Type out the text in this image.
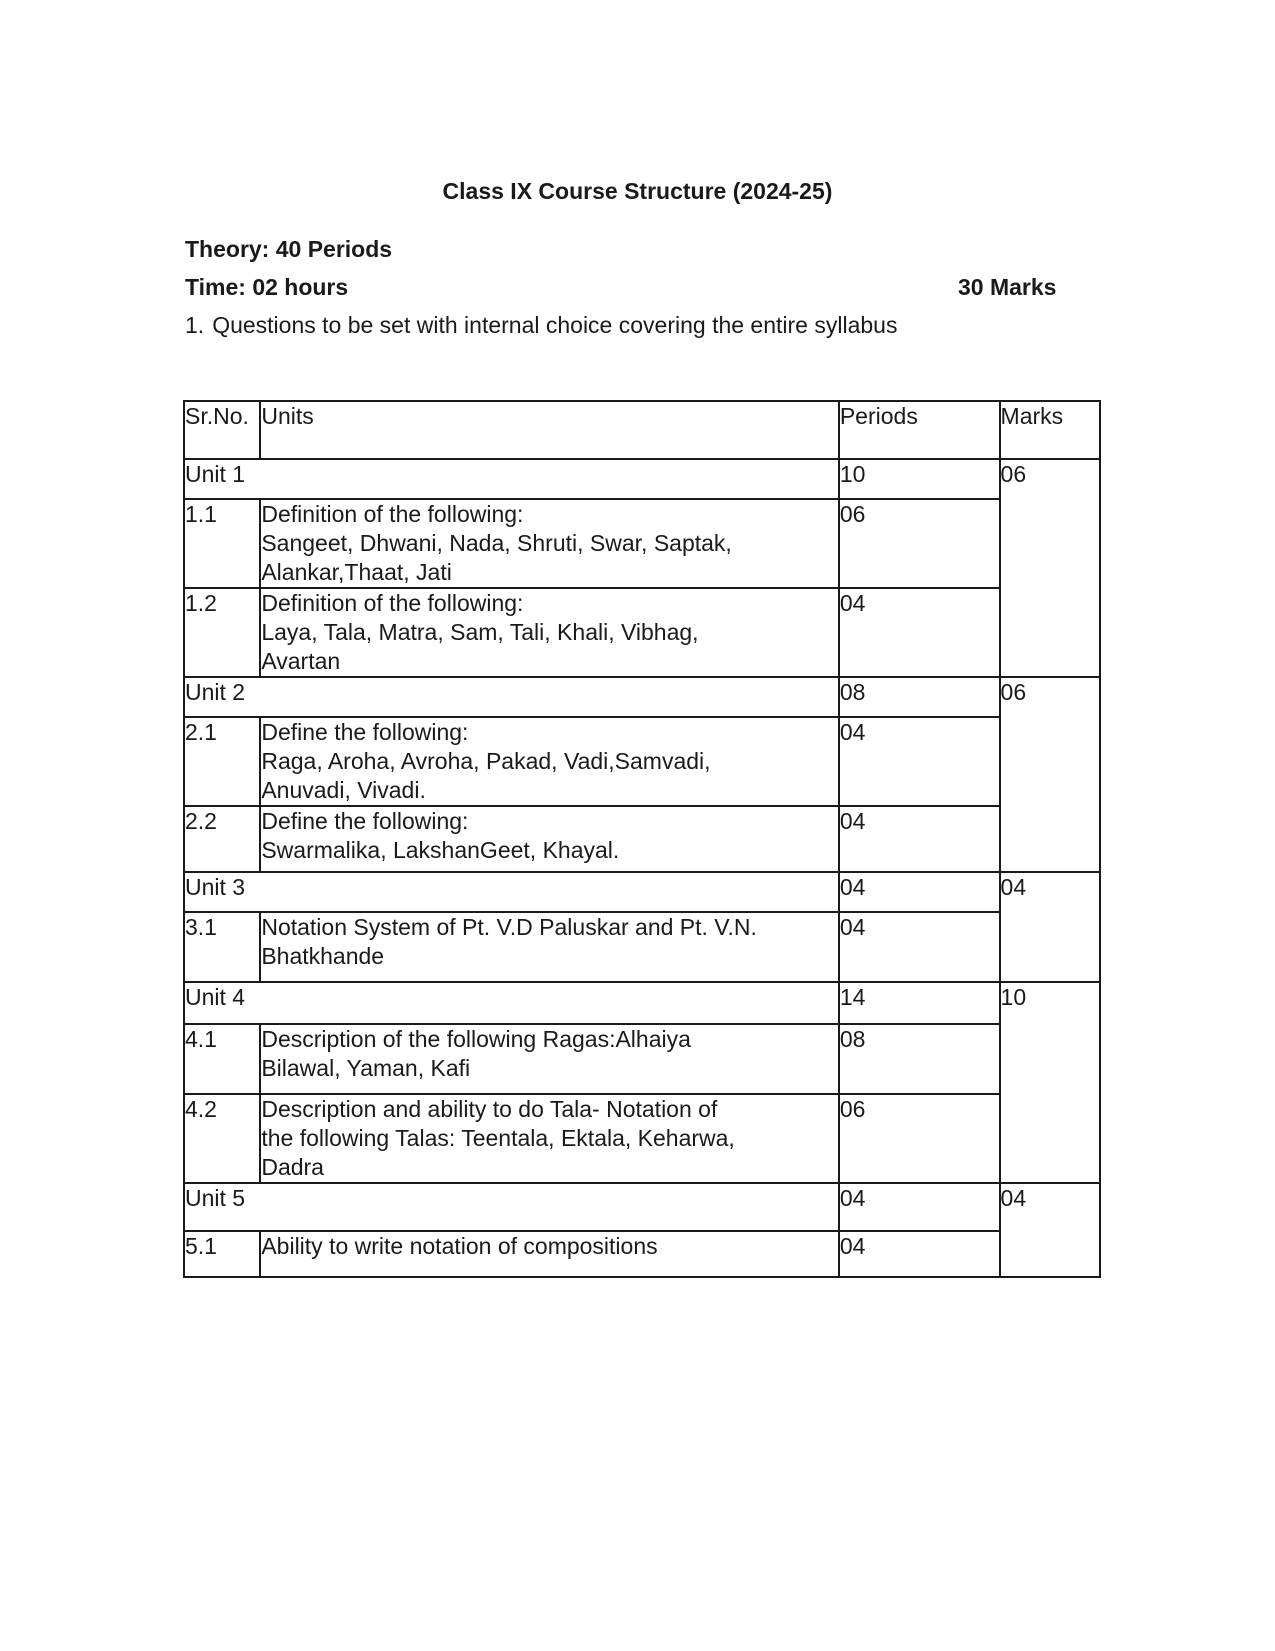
Class IX Course Structure (2024-25)
Theory: 40 Periods
Time: 02 hours	30 Marks
1. Questions to be set with internal choice covering the entire syllabus
Sr.No.	Units	Periods	Marks
Unit 1		10	06
1.1	Definition of the following:
Sangeet, Dhwani, Nada, Shruti, Swar, Saptak,
Alankar,Thaat, Jati	06	
1.2	Definition of the following:
Laya, Tala, Matra, Sam, Tali, Khali, Vibhag,
Avartan	04	
Unit 2		08	06
2.1	Define the following:
Raga, Aroha, Avroha, Pakad, Vadi,Samvadi,
Anuvadi, Vivadi.	04	
2.2	Define the following:
Swarmalika, LakshanGeet, Khayal.	04	
Unit 3		04	04
3.1	Notation System of Pt. V.D Paluskar and Pt. V.N.
Bhatkhande	04	
Unit 4		14	10
4.1	Description of the following Ragas:Alhaiya
Bilawal, Yaman, Kafi	08	
4.2	Description and ability to do Tala- Notation of
the following Talas: Teentala, Ektala, Keharwa,
Dadra	06	
Unit 5		04	04
5.1	Ability to write notation of compositions	04	
